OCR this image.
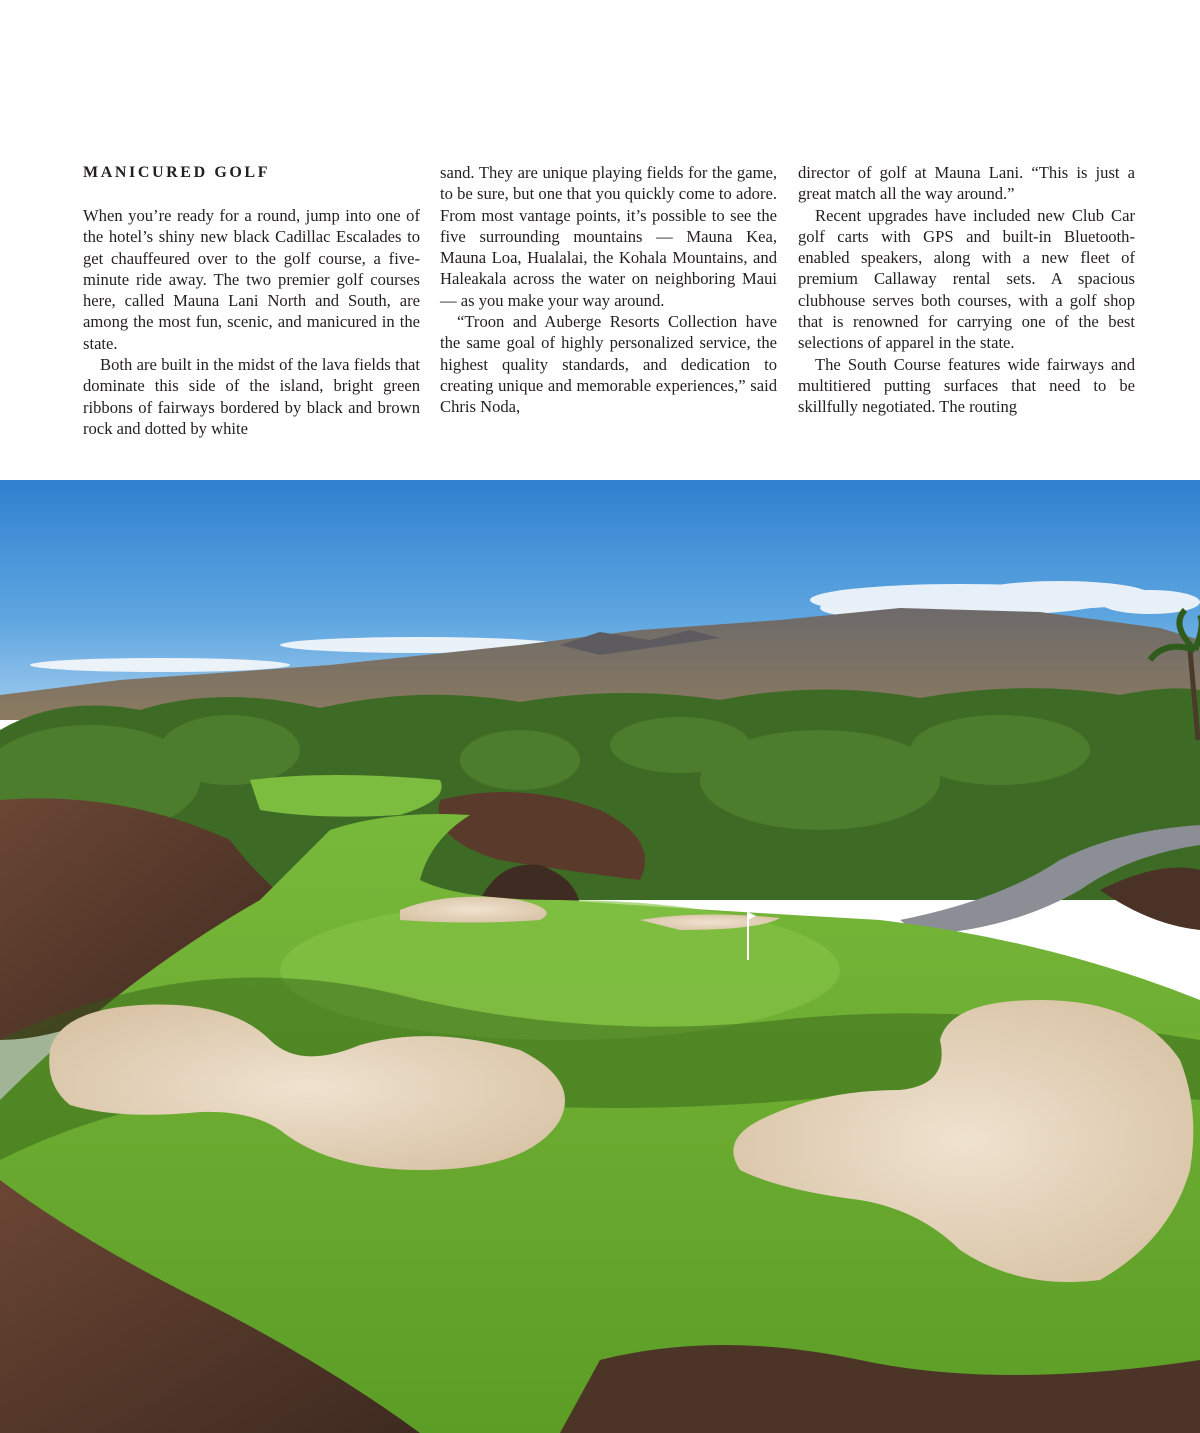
MANICURED GOLF

When you’re ready for a round, jump into one of the hotel’s shiny new black Cadillac Escalades to get chauffeured over to the golf course, a five-minute ride away. The two premier golf courses here, called Mauna Lani North and South, are among the most fun, scenic, and manicured in the state.

Both are built in the midst of the lava fields that dominate this side of the island, bright green ribbons of fairways bordered by black and brown rock and dotted by white

sand. They are unique playing fields for the game, to be sure, but one that you quickly come to adore. From most vantage points, it’s possible to see the five surrounding mountains — Mauna Kea, Mauna Loa, Hualalai, the Kohala Mountains, and Haleakala across the water on neighboring Maui — as you make your way around.

“Troon and Auberge Resorts Collection have the same goal of highly personalized service, the highest quality standards, and dedication to creating unique and memorable experiences,” said Chris Noda,

director of golf at Mauna Lani. “This is just a great match all the way around.”

Recent upgrades have included new Club Car golf carts with GPS and built-in Bluetooth-enabled speakers, along with a new fleet of premium Callaway rental sets. A spacious clubhouse serves both courses, with a golf shop that is renowned for carrying one of the best selections of apparel in the state.

The South Course features wide fairways and multitiered putting surfaces that need to be skillfully negotiated. The routing
